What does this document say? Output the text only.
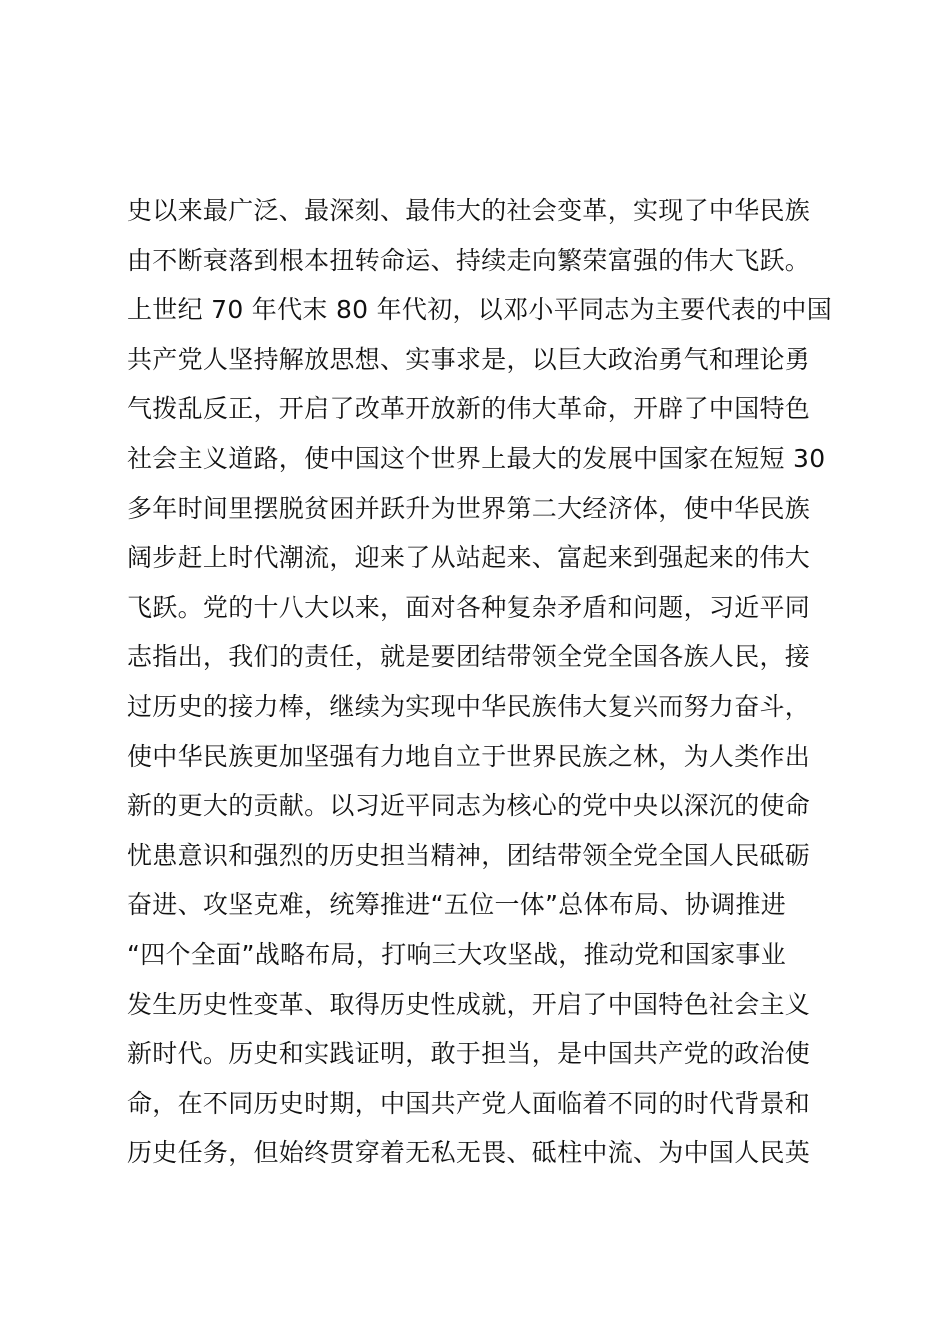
史以来最广泛、最深刻、最伟大的社会变革，实现了中华民族
由不断衰落到根本扭转命运、持续走向繁荣富强的伟大飞跃。
上世纪 70 年代末 80 年代初，以邓小平同志为主要代表的中国
共产党人坚持解放思想、实事求是，以巨大政治勇气和理论勇
气拨乱反正，开启了改革开放新的伟大革命，开辟了中国特色
社会主义道路，使中国这个世界上最大的发展中国家在短短 30
多年时间里摆脱贫困并跃升为世界第二大经济体，使中华民族
阔步赶上时代潮流，迎来了从站起来、富起来到强起来的伟大
飞跃。党的十八大以来，面对各种复杂矛盾和问题，习近平同
志指出，我们的责任，就是要团结带领全党全国各族人民，接
过历史的接力棒，继续为实现中华民族伟大复兴而努力奋斗，
使中华民族更加坚强有力地自立于世界民族之林，为人类作出
新的更大的贡献。以习近平同志为核心的党中央以深沉的使命
忧患意识和强烈的历史担当精神，团结带领全党全国人民砥砺
奋进、攻坚克难，统筹推进“五位一体”总体布局、协调推进
“四个全面”战略布局，打响三大攻坚战，推动党和国家事业
发生历史性变革、取得历史性成就，开启了中国特色社会主义
新时代。历史和实践证明，敢于担当，是中国共产党的政治使
命，在不同历史时期，中国共产党人面临着不同的时代背景和
历史任务，但始终贯穿着无私无畏、砥柱中流、为中国人民英
